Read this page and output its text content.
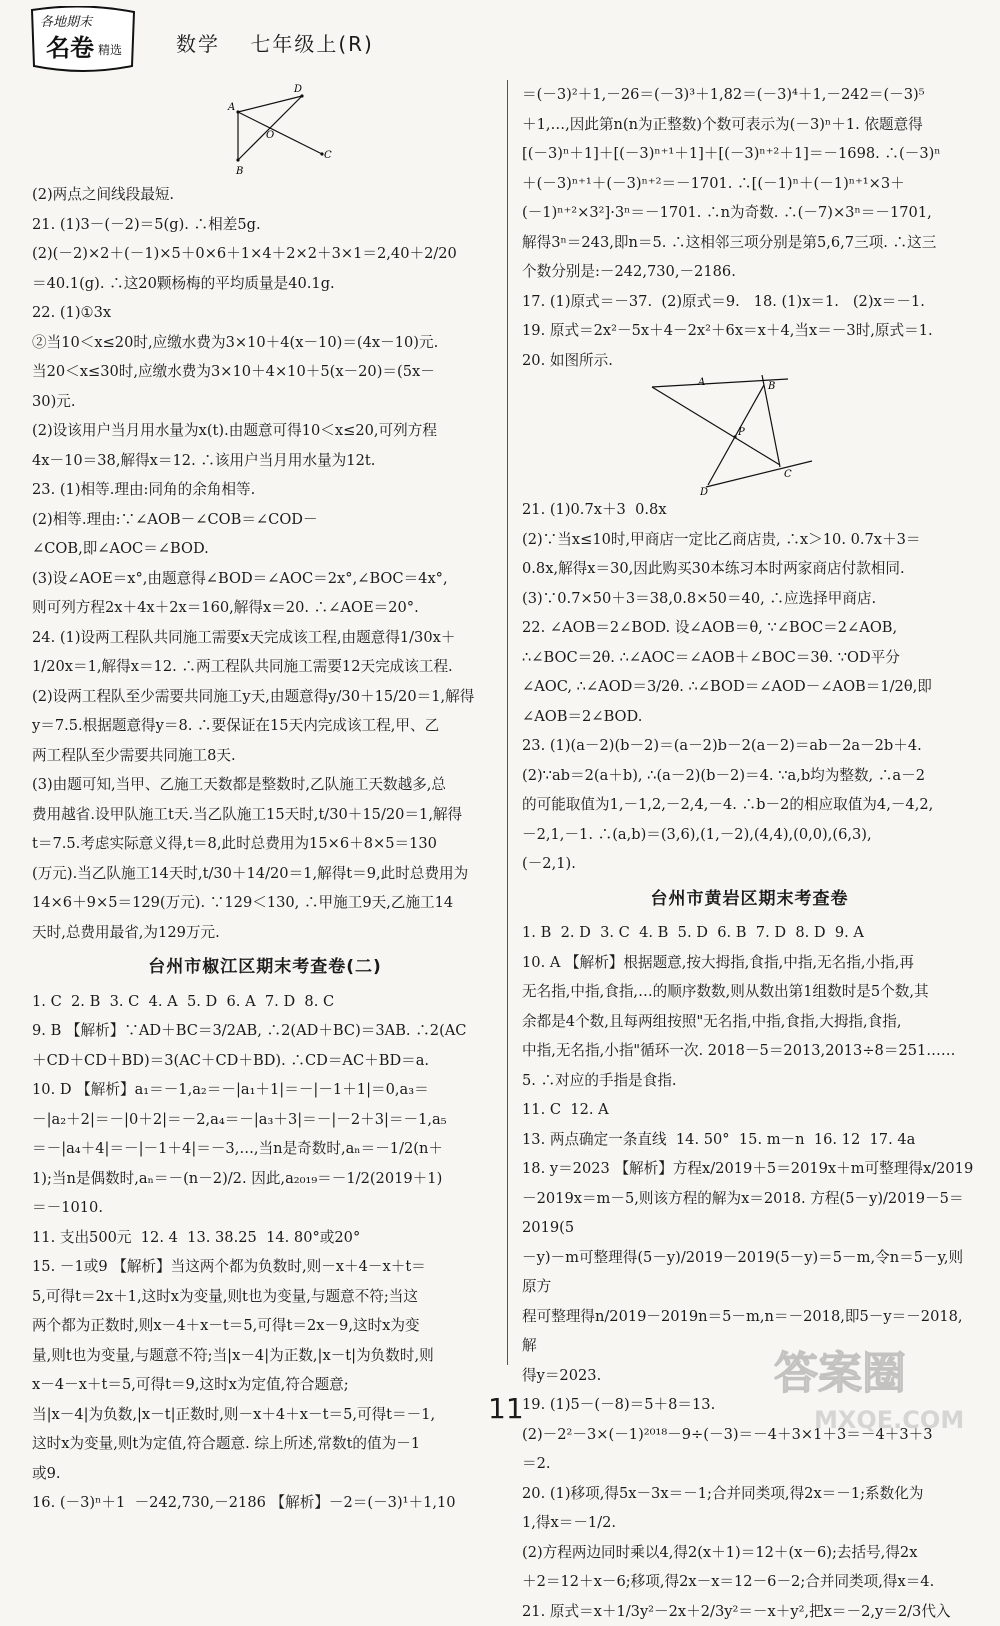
各地期末
名卷 精选	数学 七年级上(R)
A
D
O
B
C
(2)两点之间线段最短.
21. (1)3－(－2)＝5(g). ∴相差5g.
(2)(－2)×2＋(－1)×5＋0×6＋1×4＋2×2＋3×1＝2,40＋2/20
＝40.1(g). ∴这20颗杨梅的平均质量是40.1g.
22. (1)①3x
②当10＜x≤20时,应缴水费为3×10＋4(x－10)＝(4x－10)元.
当20＜x≤30时,应缴水费为3×10＋4×10＋5(x－20)＝(5x－
30)元.
(2)设该用户当月用水量为x(t).由题意可得10＜x≤20,可列方程
4x－10＝38,解得x＝12. ∴该用户当月用水量为12t.
23. (1)相等.理由:同角的余角相等.
(2)相等.理由:∵∠AOB－∠COB＝∠COD－
∠COB,即∠AOC＝∠BOD.
(3)设∠AOE＝x°,由题意得∠BOD＝∠AOC＝2x°,∠BOC＝4x°,
则可列方程2x＋4x＋2x＝160,解得x＝20. ∴∠AOE＝20°.
24. (1)设两工程队共同施工需要x天完成该工程,由题意得1/30x＋
1/20x＝1,解得x＝12. ∴两工程队共同施工需要12天完成该工程.
(2)设两工程队至少需要共同施工y天,由题意得y/30＋15/20＝1,解得
y＝7.5.根据题意得y＝8. ∴要保证在15天内完成该工程,甲、乙
两工程队至少需要共同施工8天.
(3)由题可知,当甲、乙施工天数都是整数时,乙队施工天数越多,总
费用越省.设甲队施工t天.当乙队施工15天时,t/30＋15/20＝1,解得
t＝7.5.考虑实际意义得,t＝8,此时总费用为15×6＋8×5＝130
(万元).当乙队施工14天时,t/30＋14/20＝1,解得t＝9,此时总费用为
14×6＋9×5＝129(万元). ∵129＜130, ∴甲施工9天,乙施工14
天时,总费用最省,为129万元.
台州市椒江区期末考查卷(二)
1. C  2. B  3. C  4. A  5. D  6. A  7. D  8. C
9. B 【解析】∵AD＋BC＝3/2AB, ∴2(AD＋BC)＝3AB. ∴2(AC
＋CD＋CD＋BD)＝3(AC＋CD＋BD). ∴CD＝AC＋BD＝a.
10. D 【解析】a₁＝－1,a₂＝－|a₁＋1|＝－|－1＋1|＝0,a₃＝
－|a₂＋2|＝－|0＋2|＝－2,a₄＝－|a₃＋3|＝－|－2＋3|＝－1,a₅
＝－|a₄＋4|＝－|－1＋4|＝－3,…,当n是奇数时,aₙ＝－1/2(n＋
1);当n是偶数时,aₙ＝－(n－2)/2. 因此,a₂₀₁₉＝－1/2(2019＋1)
＝－1010.
11. 支出500元  12. 4  13. 38.25  14. 80°或20°
15. －1或9 【解析】当这两个都为负数时,则－x＋4－x＋t＝
5,可得t＝2x＋1,这时x为变量,则t也为变量,与题意不符;当这
两个都为正数时,则x－4＋x－t＝5,可得t＝2x－9,这时x为变
量,则t也为变量,与题意不符;当|x－4|为正数,|x－t|为负数时,则
x－4－x＋t＝5,可得t＝9,这时x为定值,符合题意;
当|x－4|为负数,|x－t|正数时,则－x＋4＋x－t＝5,可得t＝－1,
这时x为变量,则t为定值,符合题意. 综上所述,常数t的值为－1
或9.
16. (－3)ⁿ＋1  －242,730,－2186 【解析】－2＝(－3)¹＋1,10
＝(－3)²＋1,－26＝(－3)³＋1,82＝(－3)⁴＋1,－242＝(－3)⁵
＋1,…,因此第n(n为正整数)个数可表示为(－3)ⁿ＋1. 依题意得
[(－3)ⁿ＋1]＋[(－3)ⁿ⁺¹＋1]＋[(－3)ⁿ⁺²＋1]＝－1698. ∴(－3)ⁿ
＋(－3)ⁿ⁺¹＋(－3)ⁿ⁺²＝－1701. ∴[(－1)ⁿ＋(－1)ⁿ⁺¹×3＋
(－1)ⁿ⁺²×3²]·3ⁿ＝－1701. ∴n为奇数. ∴(－7)×3ⁿ＝－1701,
解得3ⁿ＝243,即n＝5. ∴这相邻三项分别是第5,6,7三项. ∴这三
个数分别是:－242,730,－2186.
17. (1)原式＝－37.  (2)原式＝9.   18. (1)x＝1.   (2)x＝－1.
19. 原式＝2x²－5x＋4－2x²＋6x＝x＋4,当x＝－3时,原式＝1.
20. 如图所示.
A	B
P
C
D
21. (1)0.7x＋3  0.8x
(2)∵当x≤10时,甲商店一定比乙商店贵, ∴x＞10. 0.7x＋3＝
0.8x,解得x＝30,因此购买30本练习本时两家商店付款相同.
(3)∵0.7×50＋3＝38,0.8×50＝40, ∴应选择甲商店.
22. ∠AOB＝2∠BOD. 设∠AOB＝θ, ∵∠BOC＝2∠AOB,
∴∠BOC＝2θ. ∴∠AOC＝∠AOB＋∠BOC＝3θ. ∵OD平分
∠AOC, ∴∠AOD＝3/2θ. ∴∠BOD＝∠AOD－∠AOB＝1/2θ,即
∠AOB＝2∠BOD.
23. (1)(a－2)(b－2)＝(a－2)b－2(a－2)＝ab－2a－2b＋4.
(2)∵ab＝2(a＋b), ∴(a－2)(b－2)＝4. ∵a,b均为整数, ∴a－2
的可能取值为1,－1,2,－2,4,－4. ∴b－2的相应取值为4,－4,2,
－2,1,－1. ∴(a,b)＝(3,6),(1,－2),(4,4),(0,0),(6,3),
(－2,1).
台州市黄岩区期末考查卷
1. B  2. D  3. C  4. B  5. D  6. B  7. D  8. D  9. A
10. A 【解析】根据题意,按大拇指,食指,中指,无名指,小指,再
无名指,中指,食指,…的顺序数数,则从数出第1组数时是5个数,其
余都是4个数,且每两组按照"无名指,中指,食指,大拇指,食指,
中指,无名指,小指"循环一次. 2018－5＝2013,2013÷8＝251……
5. ∴对应的手指是食指.
11. C  12. A
13. 两点确定一条直线  14. 50°  15. m－n  16. 12  17. 4a
18. y＝2023 【解析】方程x/2019＋5＝2019x＋m可整理得x/2019
－2019x＝m－5,则该方程的解为x＝2018. 方程(5－y)/2019－5＝2019(5
－y)－m可整理得(5－y)/2019－2019(5－y)＝5－m,令n＝5－y,则原方
程可整理得n/2019－2019n＝5－m,n＝－2018,即5－y＝－2018,解
得y＝2023.
19. (1)5－(－8)＝5＋8＝13.
(2)－2²－3×(－1)²⁰¹⁸－9÷(－3)＝－4＋3×1＋3＝－4＋3＋3
＝2.
20. (1)移项,得5x－3x＝－1;合并同类项,得2x＝－1;系数化为
1,得x＝－1/2.
(2)方程两边同时乘以4,得2(x＋1)＝12＋(x－6);去括号,得2x
＋2＝12＋x－6;移项,得2x－x＝12－6－2;合并同类项,得x＝4.
21. 原式＝x＋1/3y²－2x＋2/3y²＝－x＋y²,把x＝－2,y＝2/3代入
11
答案圈
MXQE.COM
